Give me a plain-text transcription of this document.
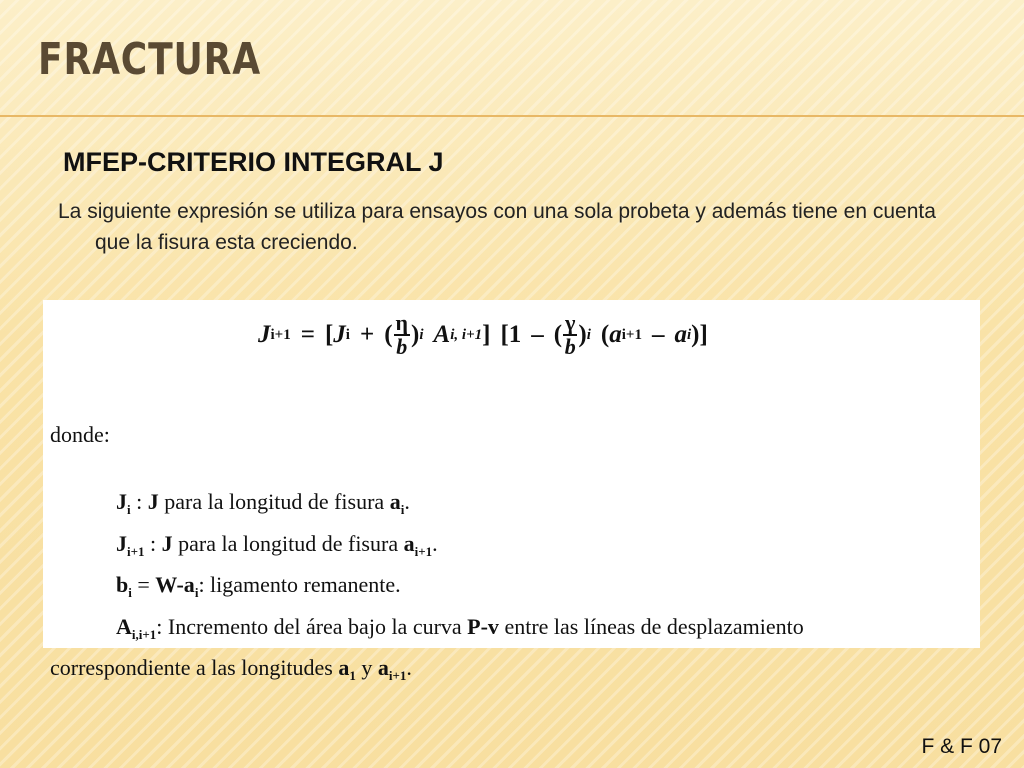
FRACTURA
MFEP-CRITERIO INTEGRAL J

La siguiente expresión se utiliza para ensayos con una sola probeta y además tiene en cuenta que la fisura esta creciendo.

J i+1 = [ J i + ( $\frac{\eta}{b}$ ) i A i, i+1 ] [ 1 – ( $\frac{\gamma}{b}$ ) i ( a i+1 – a i )]
donde:
$J_i$ : J para la longitud de fisura $a_i$.
$J_{i+1}$ : J para la longitud de fisura $a_{i+1}$.
$b_i = W-a_i$: ligamento remanente.
$A_{i,i+1}$: Incremento del área bajo la curva P-v entre las líneas de desplazamiento
correspondiente a las longitudes $a_1$ y $a_{i+1}$.
F & F 07
